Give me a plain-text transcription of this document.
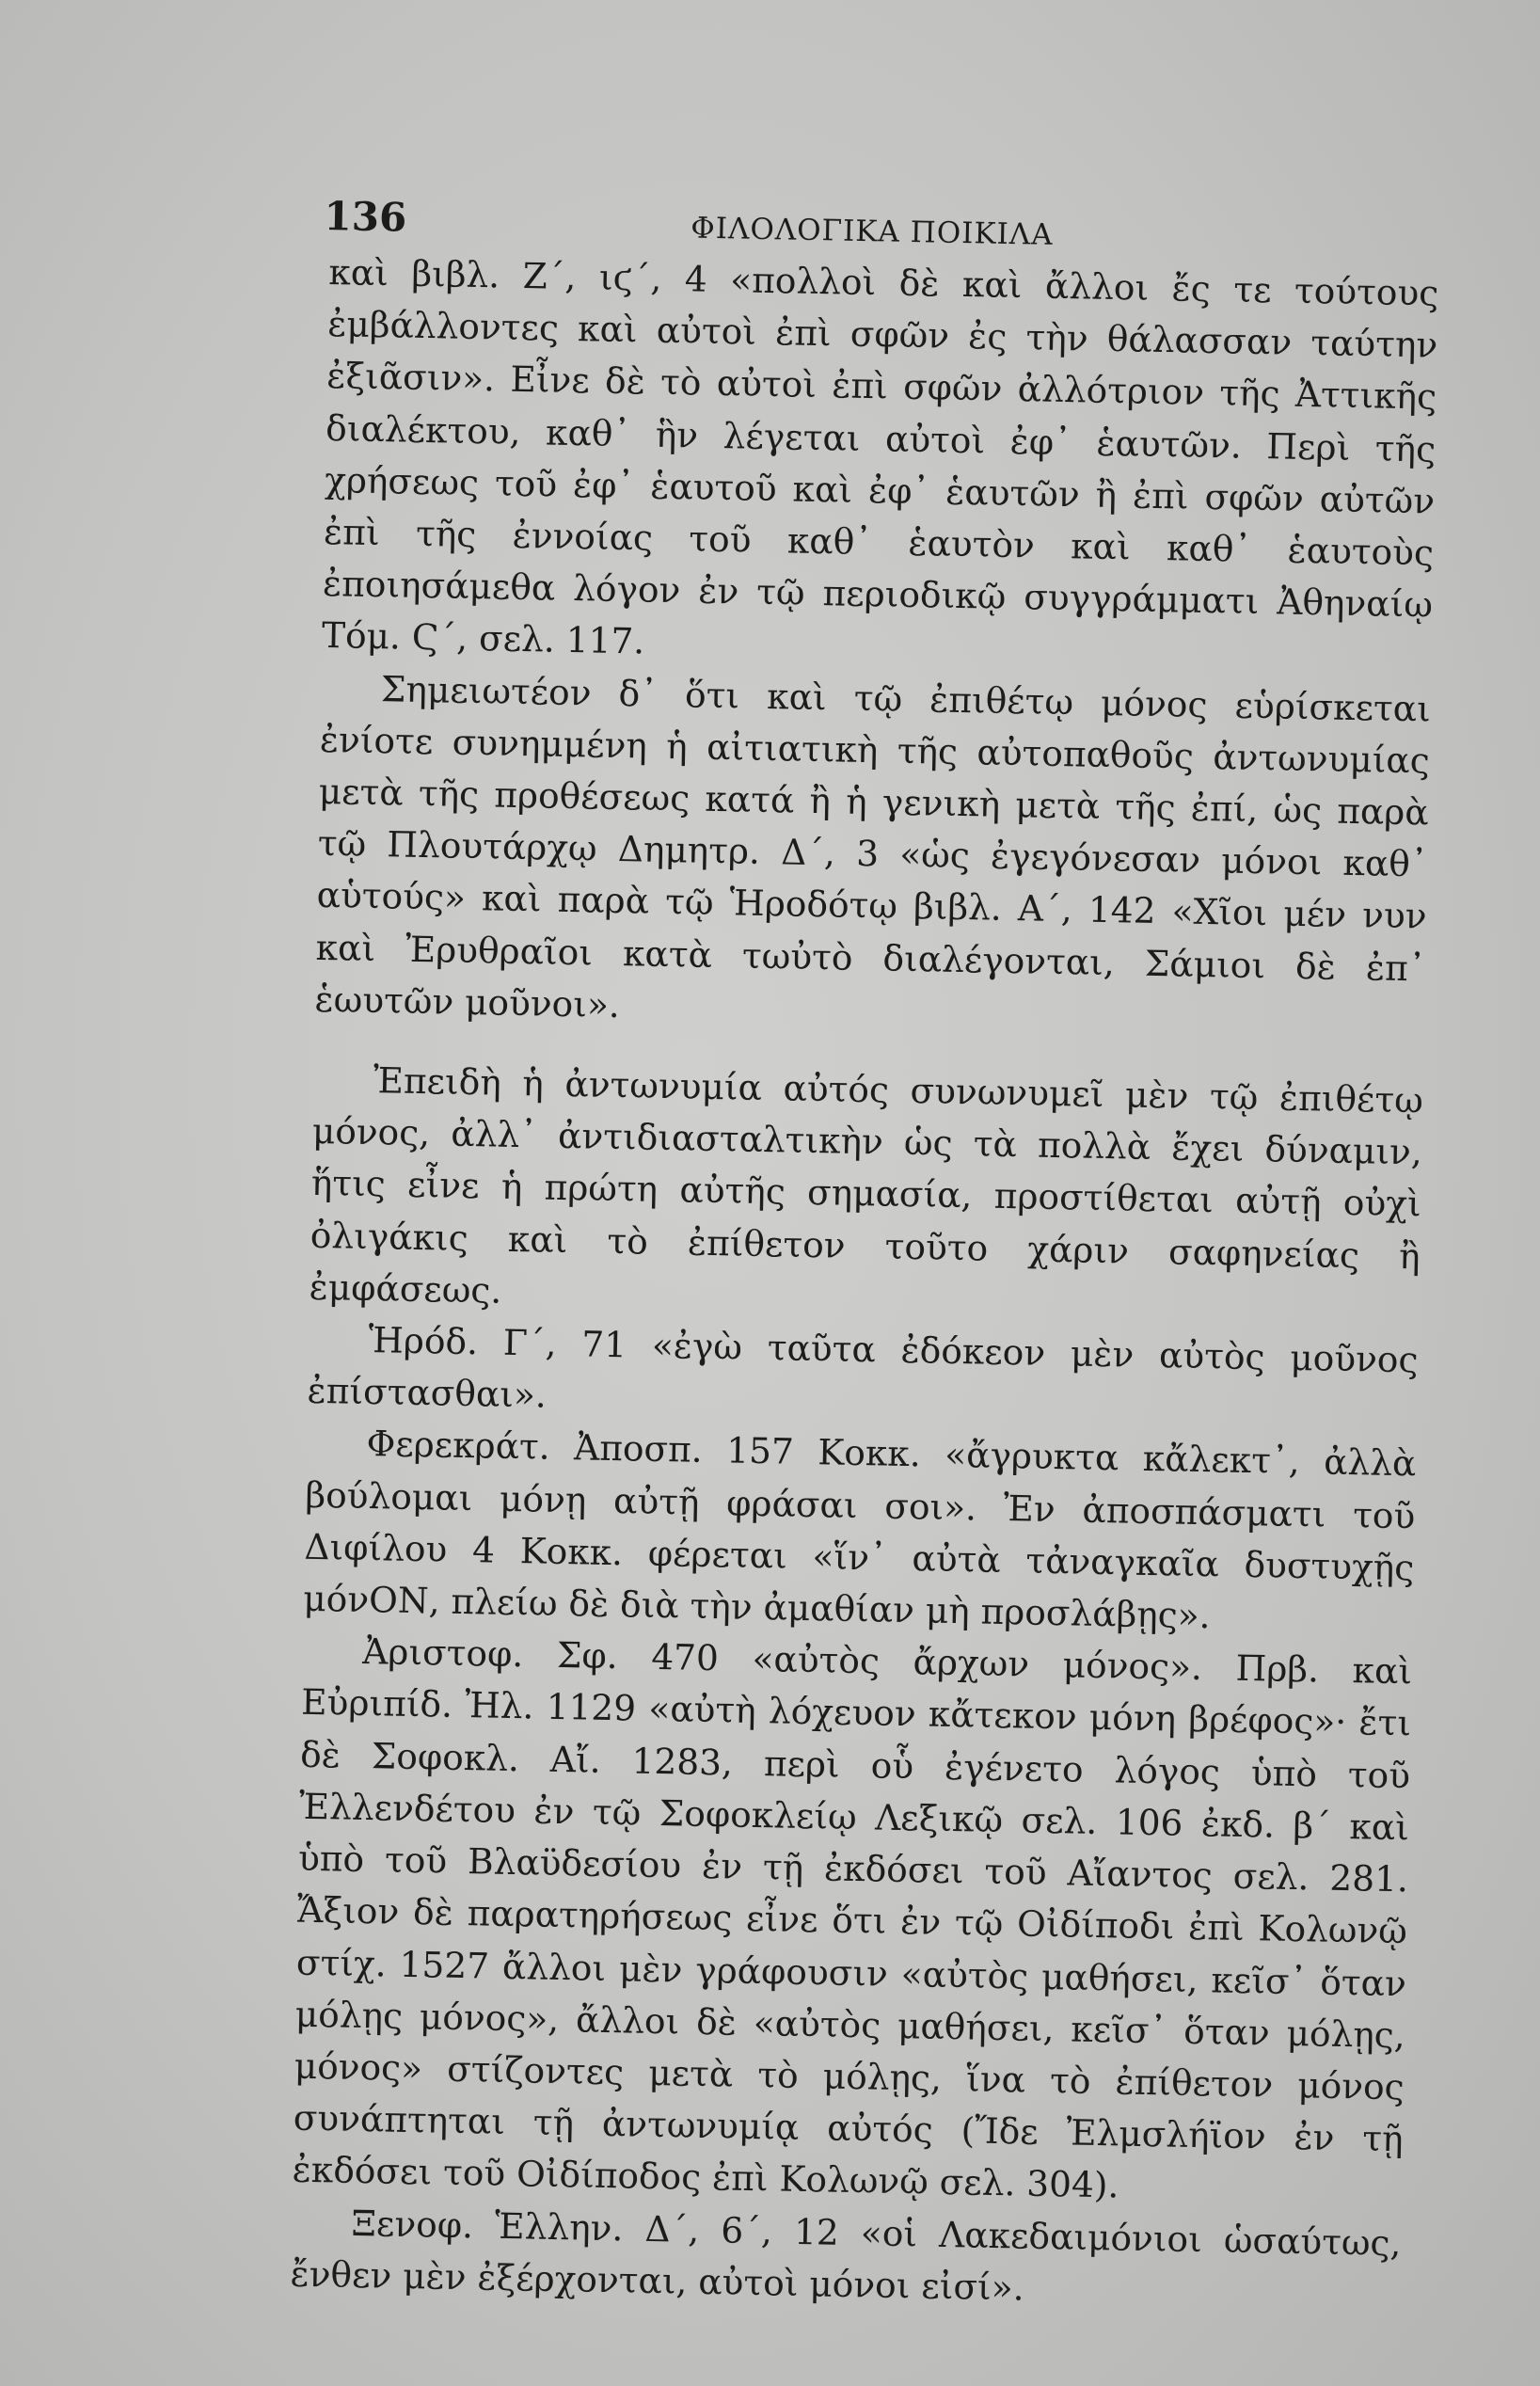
136	ΦΙΛΟΛΟΓΙΚΑ ΠΟΙΚΙΛΑ

καὶ βιβλ. Ζ΄, ιϛ΄, 4 «πολλοὶ δὲ καὶ ἄλλοι ἔς τε τούτους ἐμβάλλοντες καὶ αὐτοὶ ἐπὶ σφῶν ἐς τὴν θάλασσαν ταύτην ἐξιᾶσιν». Εἶνε δὲ τὸ αὐτοὶ ἐπὶ σφῶν ἀλλότριον τῆς Ἀττικῆς διαλέκτου, καθ᾽ ἣν λέγεται αὐτοὶ ἐφ᾽ ἑαυτῶν. Περὶ τῆς χρήσεως τοῦ ἐφ᾽ ἑαυτοῦ καὶ ἐφ᾽ ἑαυτῶν ἢ ἐπὶ σφῶν αὐτῶν ἐπὶ τῆς ἐννοίας τοῦ καθ᾽ ἑαυτὸν καὶ καθ᾽ ἑαυτοὺς ἐποιησάμεθα λόγον ἐν τῷ περιοδικῷ συγγράμματι Ἀθηναίῳ Τόμ. Ϛ΄, σελ. 117.

Σημειωτέον δ᾽ ὅτι καὶ τῷ ἐπιθέτῳ μόνος εὑρίσκεται ἐνίοτε συνημμένη ἡ αἰτιατικὴ τῆς αὐτοπαθοῦς ἀντωνυμίας μετὰ τῆς προθέσεως κατά ἢ ἡ γενικὴ μετὰ τῆς ἐπί, ὡς παρὰ τῷ Πλουτάρχῳ Δημητρ. Δ΄, 3 «ὡς ἐγεγόνεσαν μόνοι καθ᾽ αὑτούς» καὶ παρὰ τῷ Ἡροδότῳ βιβλ. Α΄, 142 «Χῖοι μέν νυν καὶ Ἐρυθραῖοι κατὰ τωὐτὸ διαλέγονται, Σάμιοι δὲ ἐπ᾽ ἑωυτῶν μοῦνοι».

Ἐπειδὴ ἡ ἀντωνυμία αὐτός συνωνυμεῖ μὲν τῷ ἐπιθέτῳ μόνος, ἀλλ᾽ ἀντιδιασταλτικὴν ὡς τὰ πολλὰ ἔχει δύναμιν, ἥτις εἶνε ἡ πρώτη αὐτῆς σημασία, προστίθεται αὐτῇ οὐχὶ ὀλιγάκις καὶ τὸ ἐπίθετον τοῦτο χάριν σαφηνείας ἢ ἐμφάσεως.

Ἡρόδ. Γ΄, 71 «ἐγὼ ταῦτα ἐδόκεον μὲν αὐτὸς μοῦνος ἐπίστασθαι».

Φερεκράτ. Ἀποσπ. 157 Κοκκ. «ἄγρυκτα κἄλεκτ᾽, ἀλλὰ βούλομαι μόνῃ αὐτῇ φράσαι σοι». Ἐν ἀποσπάσματι τοῦ Διφίλου 4 Κοκκ. φέρεται «ἵν᾽ αὐτὰ τἀναγκαῖα δυστυχῇς μόνΟΝ, πλείω δὲ διὰ τὴν ἀμαθίαν μὴ προσλάβῃς».

Ἀριστοφ. Σφ. 470 «αὐτὸς ἄρχων μόνος». Πρβ. καὶ Εὐριπίδ. Ἠλ. 1129 «αὐτὴ λόχευον κἄτεκον μόνη βρέφος»· ἔτι δὲ Σοφοκλ. Αἴ. 1283, περὶ οὗ ἐγένετο λόγος ὑπὸ τοῦ Ἐλλενδέτου ἐν τῷ Σοφοκλείῳ Λεξικῷ σελ. 106 ἐκδ. β΄ καὶ ὑπὸ τοῦ Βλαϋδεσίου ἐν τῇ ἐκδόσει τοῦ Αἴαντος σελ. 281. Ἄξιον δὲ παρατηρήσεως εἶνε ὅτι ἐν τῷ Οἰδίποδι ἐπὶ Κολωνῷ στίχ. 1527 ἄλλοι μὲν γράφουσιν «αὐτὸς μαθήσει, κεῖσ᾽ ὅταν μόλῃς μόνος», ἄλλοι δὲ «αὐτὸς μαθήσει, κεῖσ᾽ ὅταν μόλῃς, μόνος» στίζοντες μετὰ τὸ μόλῃς, ἵνα τὸ ἐπίθετον μόνος συνάπτηται τῇ ἀντωνυμίᾳ αὐτός (Ἴδε Ἐλμσλήϊον ἐν τῇ ἐκδόσει τοῦ Οἰδίποδος ἐπὶ Κολωνῷ σελ. 304).

Ξενοφ. Ἑλλην. Δ΄, 6΄, 12 «οἱ Λακεδαιμόνιοι ὡσαύτως, ἔνθεν μὲν ἐξέρχονται, αὐτοὶ μόνοι εἰσί».
